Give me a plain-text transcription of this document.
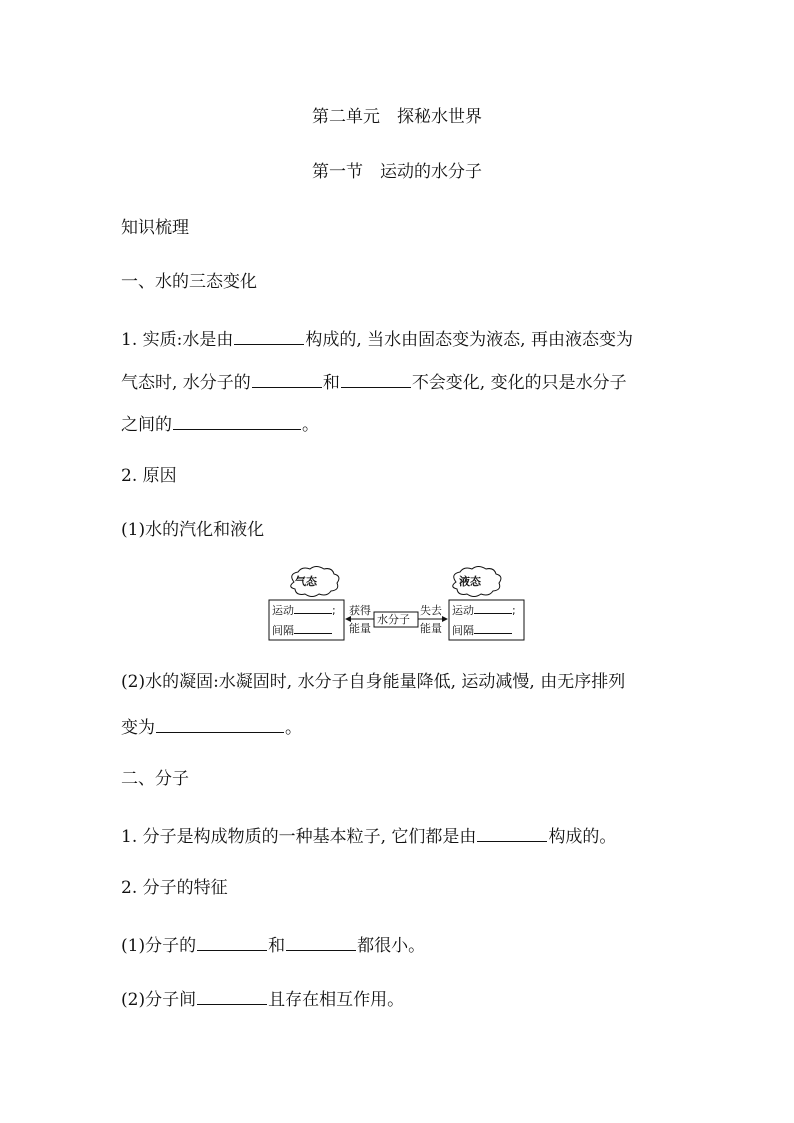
第二单元　探秘水世界
第一节　运动的水分子
知识梳理
一、水的三态变化
1. 实质:水是由	构成的, 当水由固态变为液态, 再由液态变为
气态时, 水分子的	和	不会变化, 变化的只是水分子
之间的	。
2. 原因
(1)水的汽化和液化
气态	液态
运动	;
间隔
运动	;
间隔
水分子
获得
能量
失去
能量
(2)水的凝固:水凝固时, 水分子自身能量降低, 运动减慢, 由无序排列
变为	。
二、分子
1. 分子是构成物质的一种基本粒子, 它们都是由	构成的。
2. 分子的特征
(1)分子的	和	都很小。
(2)分子间	且存在相互作用。
